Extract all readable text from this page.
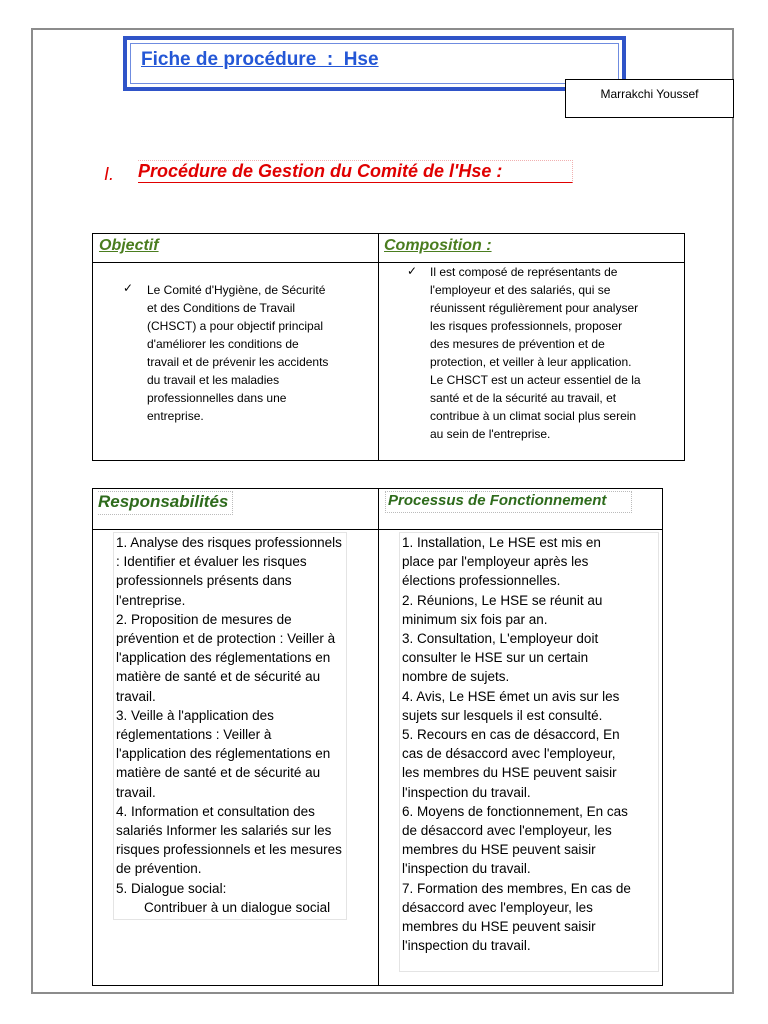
Fiche de procédure  :  Hse
Marrakchi Youssef
I. Procédure de Gestion du Comité de l'Hse :
Objectif	Composition :
✓ Le Comité d'Hygiène, de Sécurité
et des Conditions de Travail
(CHSCT) a pour objectif principal
d'améliorer les conditions de
travail et de prévenir les accidents
du travail et les maladies
professionnelles dans une
entreprise.
✓ Il est composé de représentants de
l'employeur et des salariés, qui se
réunissent régulièrement pour analyser
les risques professionnels, proposer
des mesures de prévention et de
protection, et veiller à leur application.
Le CHSCT est un acteur essentiel de la
santé et de la sécurité au travail, et
contribue à un climat social plus serein
au sein de l'entreprise.
Responsabilités	Processus de Fonctionnement
1. Analyse des risques professionnels
: Identifier et évaluer les risques
professionnels présents dans
l'entreprise.
2. Proposition de mesures de
prévention et de protection : Veiller à
l'application des réglementations en
matière de santé et de sécurité au
travail.
3. Veille à l'application des
réglementations : Veiller à
l'application des réglementations en
matière de santé et de sécurité au
travail.
4. Information et consultation des
salariés Informer les salariés sur les
risques professionnels et les mesures
de prévention.
5. Dialogue social:
Contribuer à un dialogue social
1. Installation, Le HSE est mis en
place par l'employeur après les
élections professionnelles.
2. Réunions, Le HSE se réunit au
minimum six fois par an.
3. Consultation, L'employeur doit
consulter le HSE sur un certain
nombre de sujets.
4. Avis, Le HSE émet un avis sur les
sujets sur lesquels il est consulté.
5. Recours en cas de désaccord, En
cas de désaccord avec l'employeur,
les membres du HSE peuvent saisir
l'inspection du travail.
6. Moyens de fonctionnement, En cas
de désaccord avec l'employeur, les
membres du HSE peuvent saisir
l'inspection du travail.
7. Formation des membres, En cas de
désaccord avec l'employeur, les
membres du HSE peuvent saisir
l'inspection du travail.
